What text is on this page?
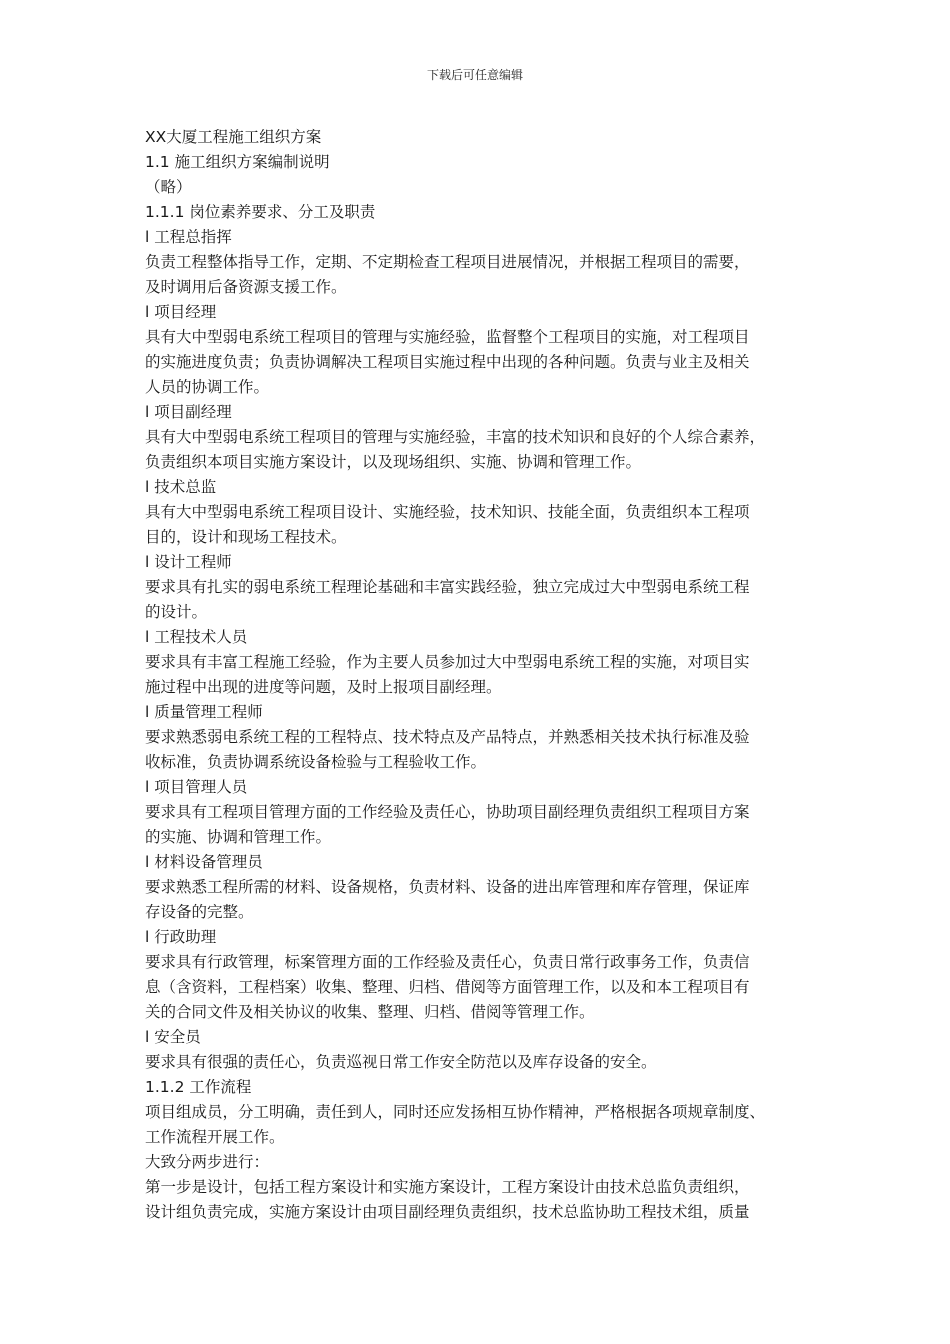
下载后可任意编辑
XX大厦工程施工组织方案
1.1 施工组织方案编制说明
（略）
1.1.1 岗位素养要求、分工及职责
l 工程总指挥
负责工程整体指导工作，定期、不定期检查工程项目进展情况，并根据工程项目的需要，
及时调用后备资源支援工作。
l 项目经理
具有大中型弱电系统工程项目的管理与实施经验，监督整个工程项目的实施，对工程项目
的实施进度负责；负责协调解决工程项目实施过程中出现的各种问题。负责与业主及相关
人员的协调工作。
l 项目副经理
具有大中型弱电系统工程项目的管理与实施经验，丰富的技术知识和良好的个人综合素养，
负责组织本项目实施方案设计，以及现场组织、实施、协调和管理工作。
l 技术总监
具有大中型弱电系统工程项目设计、实施经验，技术知识、技能全面，负责组织本工程项
目的，设计和现场工程技术。
l 设计工程师
要求具有扎实的弱电系统工程理论基础和丰富实践经验，独立完成过大中型弱电系统工程
的设计。
l 工程技术人员
要求具有丰富工程施工经验，作为主要人员参加过大中型弱电系统工程的实施，对项目实
施过程中出现的进度等问题，及时上报项目副经理。
l 质量管理工程师
要求熟悉弱电系统工程的工程特点、技术特点及产品特点，并熟悉相关技术执行标准及验
收标准，负责协调系统设备检验与工程验收工作。
l 项目管理人员
要求具有工程项目管理方面的工作经验及责任心，协助项目副经理负责组织工程项目方案
的实施、协调和管理工作。
l 材料设备管理员
要求熟悉工程所需的材料、设备规格，负责材料、设备的进出库管理和库存管理，保证库
存设备的完整。
l 行政助理
要求具有行政管理，标案管理方面的工作经验及责任心，负责日常行政事务工作，负责信
息（含资料，工程档案）收集、整理、归档、借阅等方面管理工作，以及和本工程项目有
关的合同文件及相关协议的收集、整理、归档、借阅等管理工作。
l 安全员
要求具有很强的责任心，负责巡视日常工作安全防范以及库存设备的安全。
1.1.2 工作流程
项目组成员，分工明确，责任到人，同时还应发扬相互协作精神，严格根据各项规章制度、
工作流程开展工作。
大致分两步进行：
第一步是设计，包括工程方案设计和实施方案设计，工程方案设计由技术总监负责组织，
设计组负责完成，实施方案设计由项目副经理负责组织，技术总监协助工程技术组，质量
